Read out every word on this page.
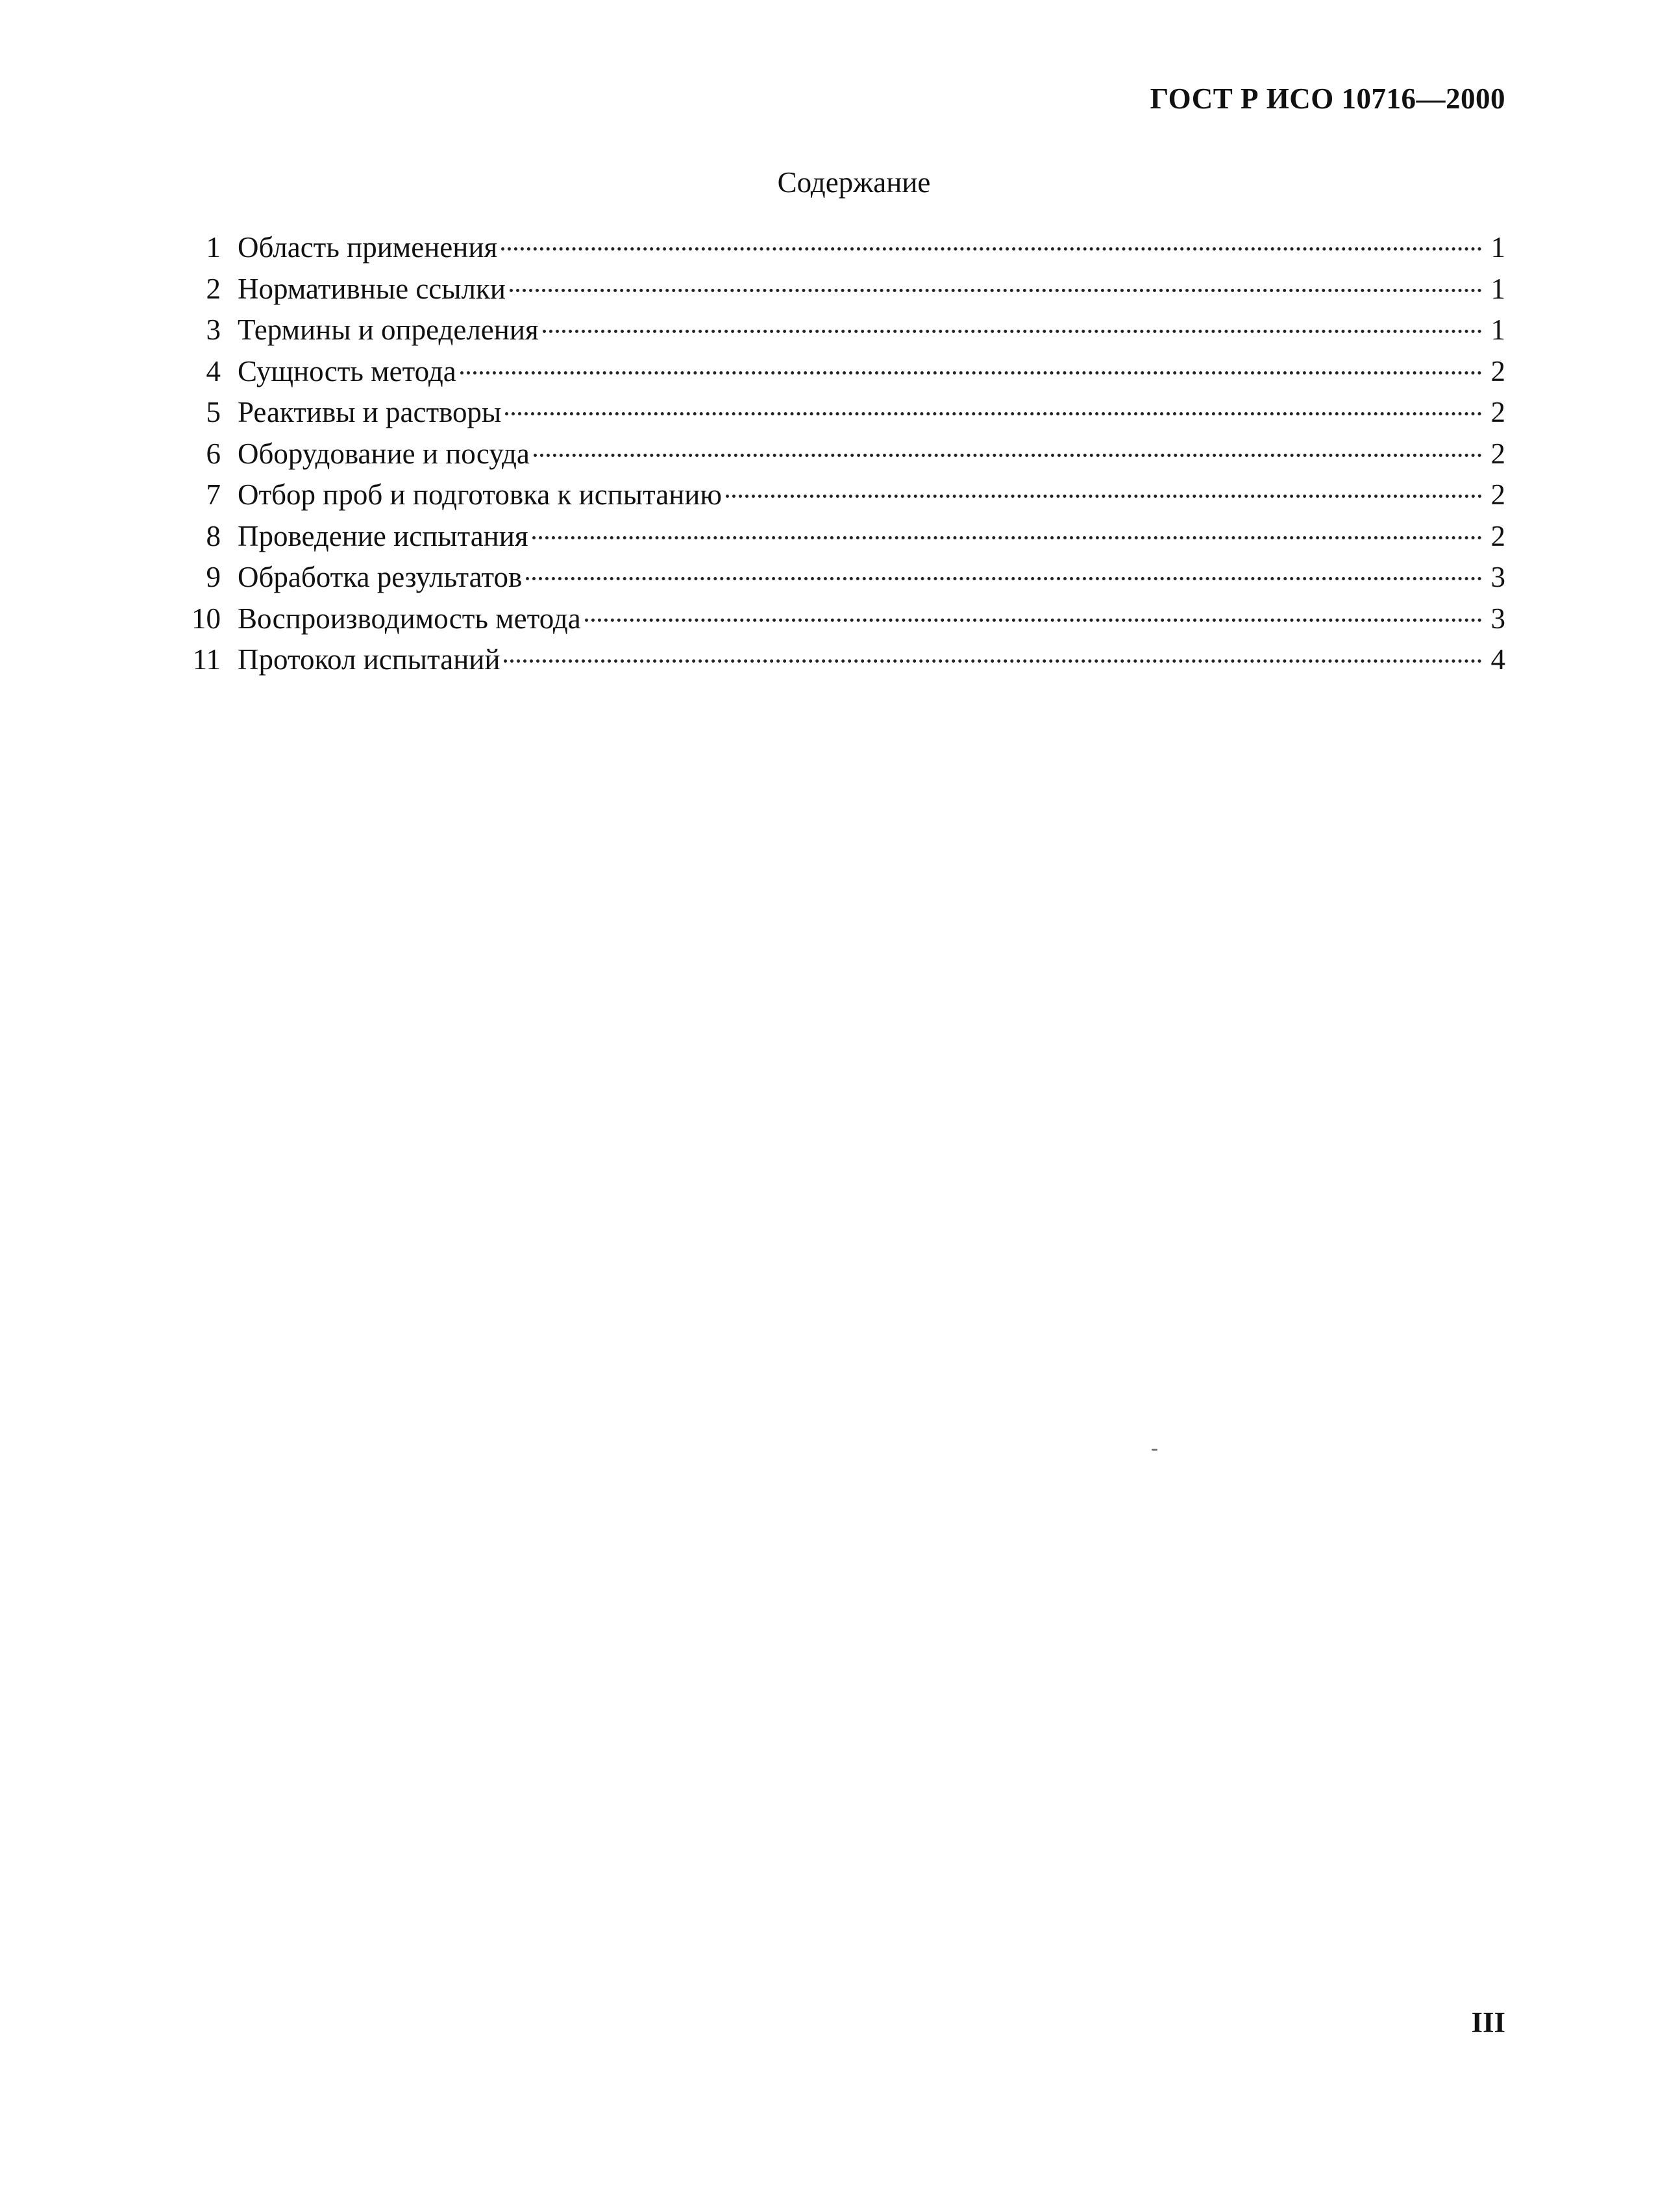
ГОСТ Р ИСО 10716—2000
Содержание
1 Область применения	1
2 Нормативные ссылки	1
3 Термины и определения	1
4 Сущность метода	2
5 Реактивы и растворы	2
6 Оборудование и посуда	2
7 Отбор проб и подготовка к испытанию	2
8 Проведение испытания	2
9 Обработка результатов	3
10 Воспроизводимость метода	3
11 Протокол испытаний	4
III
